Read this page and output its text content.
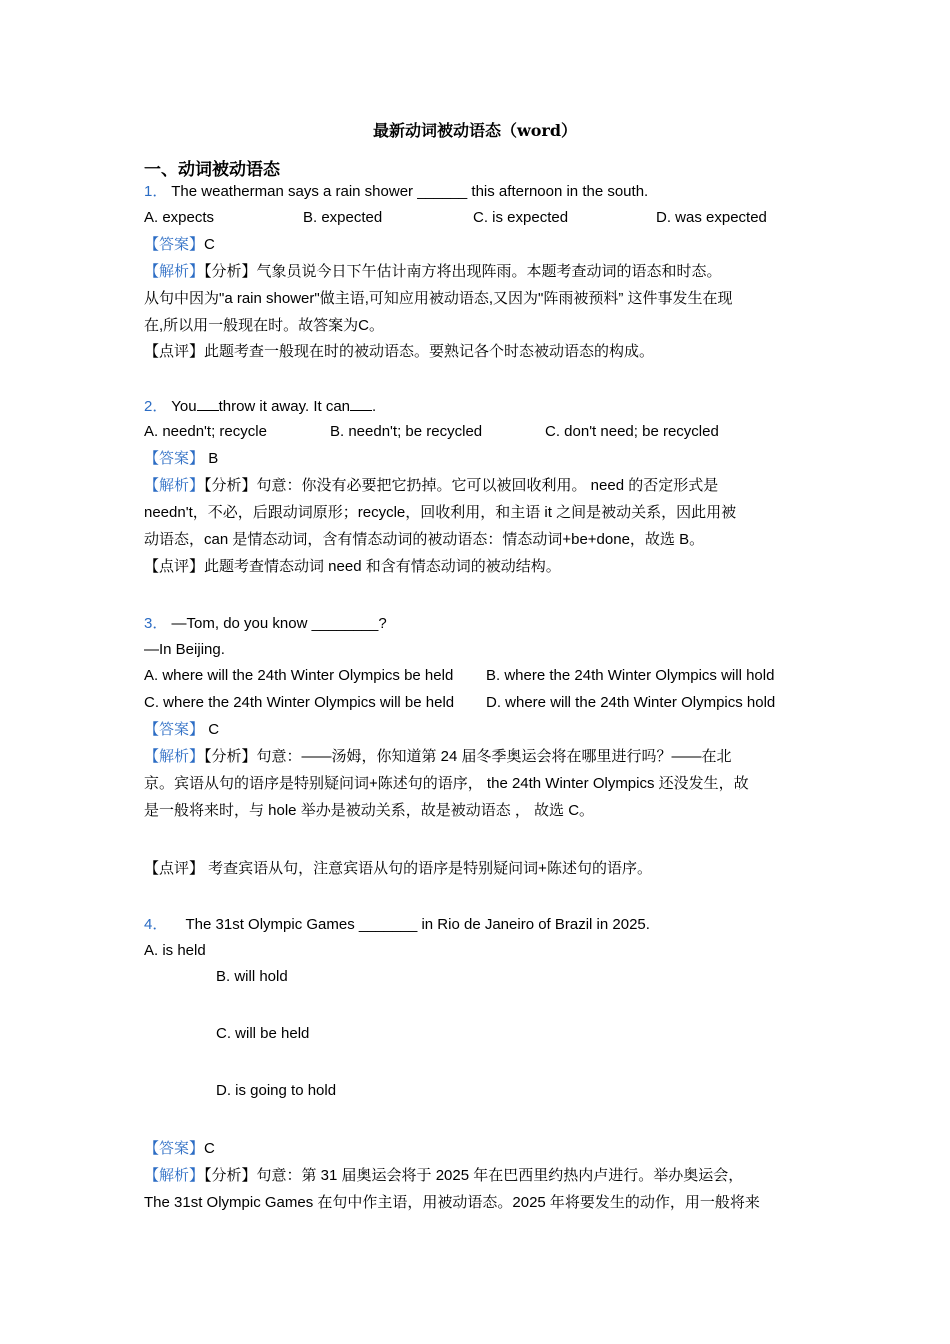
最新动词被动语态（word）
一、动词被动语态
1． The weatherman says a rain shower ______ this afternoon in the south.
A. expects	B. expected	C. is expected	D. was expected
【答案】C
【解析】【分析】气象员说今日下午估计南方将出现阵雨。本题考查动词的语态和时态。
从句中因为"a rain shower"做主语,可知应用被动语态,又因为"阵雨被预料” 这件事发生在现
在,所以用一般现在时。故答案为C。
【点评】此题考查一般现在时的被动语态。要熟记各个时态被动语态的构成。
2． You throw it away. It can .
A. needn't; recycle	B. needn't; be recycled	C. don't need; be recycled
【答案】 B
【解析】【分析】句意：你没有必要把它扔掉。它可以被回收利用。 need 的否定形式是
needn't，不必，后跟动词原形；recycle，回收利用，和主语 it 之间是被动关系，因此用被
动语态，can 是情态动词，含有情态动词的被动语态：情态动词+be+done，故选 B。
【点评】此题考查情态动词 need 和含有情态动词的被动结构。
3． —Tom, do you know ________?
—In Beijing.
A. where will the 24th Winter Olympics be held B. where the 24th Winter Olympics will hold
C. where the 24th Winter Olympics will be held D. where will the 24th Winter Olympics hold
【答案】 C
【解析】【分析】句意：——汤姆，你知道第 24 届冬季奥运会将在哪里进行吗？——在北
京。宾语从句的语序是特别疑问词+陈述句的语序， the 24th Winter Olympics 还没发生，故
是一般将来时，与 hole 举办是被动关系，故是被动语态 ， 故选 C。
【点评】 考查宾语从句，注意宾语从句的语序是特别疑问词+陈述句的语序。
4． The 31st Olympic Games _______ in Rio de Janeiro of Brazil in 2025.
A. is held
B. will hold
C. will be held
D. is going to hold
【答案】C
【解析】【分析】句意：第 31 届奥运会将于 2025 年在巴西里约热内卢进行。举办奥运会，
The 31st Olympic Games 在句中作主语，用被动语态。2025 年将要发生的动作，用一般将来
